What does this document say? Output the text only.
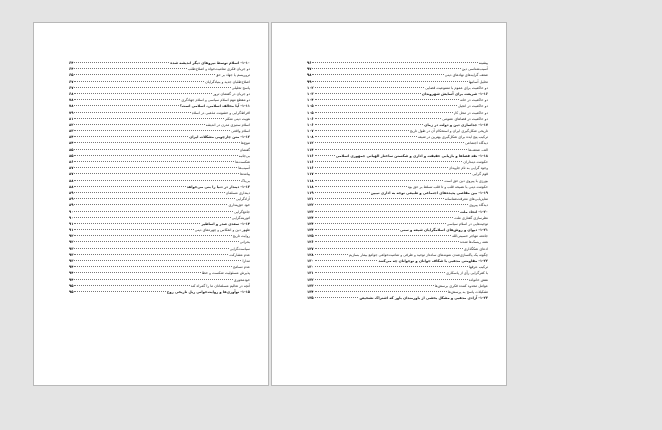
۱-۱۰- اسلام توسط نیروهای دیگر اندیشه شده
۶۴
دو جریان فکری تمامیت‌خواه و اصلاح‌طلب
۶۴
تروریسم یا جهاد بر حق
۶۵
اصلاح‌طلبان جدید و بنیادگرایان
۶۷
پاسخ تحلیلی
۶۷
دو جریان در گفتمان ترور
۶۸
دو مقطع مهم اسلام سیاسی و اسلام جهادگری
۷۸
۱-۱۱- آیا مخالف اسلامی، اسلامی است؟
۷۸
افراط‌گرایی و خشونت مذهبی در اسلام
۷۹
هویت دینی متکثر
۸۱
اسلام ستیزی مدرن در اندیشه
۸۲
اسلام واقعی
۸۳
۱-۱۲- متن چارچوبی مشکلات ایران
۸۴
تنوع‌ها
۸۴
گفتمان
۸۵
بی‌جانبه
۸۵
شکست‌ها
۸۶
آسیب‌ها
۸۷
پیامدها
۸۷
بی‌باک
۸۸
۱-۱۳- دیندار در دنیا را بنی می‌خواهد
۸۸
دینداری مسلمان
۸۹
آزادگرایی
۸۹
خود حق‌پنداری
۸۹
جامع‌گرایی
۹۰
اتوریته‌گرایی
۹۰
۱-۱۴- سعدی صدر و اساطیر
۹۱
ظهور دین و انعکاس و چهره‌های دینی
۹۱
روایت تاریخ
۹۲
بحرانی
۹۲
سیاست‌گرایی
۹۳
عدم مشارکت
۹۳
مدارا
۹۳
عدم تسامح
۹۴
پذیرش مسئولیت شکست و خطا
۹۴
خودمحوری
۹۴
آنچه در تعالیم مسلمانان ما را گمراه کند
۹۵
۱-۱۵- نوآوری‌ها و روایت‌خوانی ریل تاریخی روح
۹۵
پیشینه
۹۶
آسیب‌شناسی دین
۹۷
ضعف گرایه‌های نهادهای دینی
۹۸
تحلیل آسانیها
۹۹
دو حاکمیت برای عموم با ممنوعیت قضایی
۱۰۲
۱-۱۶- شریعت برای آسایش شهروندان
۱۰۳
دو حاکمیت در خانه
۱۰۴
دو حاکمیت در انجیل
۱۰۵
دو حاکمیت در محل کار
۱۰۵
دو حاکمیت در فضاهای عمومی
۱۰۶
۱-۱۷- جداسازی دین و دولت در زمان
۱۰۶
تاریخی شکل‌گیری ایران و استحکام آن در طول تاریخ
۱۰۷
ترکیب پنج ایده برای شکل‌گیری بهترین در شیعه
۱۰۸
دیدگاه اجتماعی
۱۱۲
الف. ضعف‌ها
۱۱۴
۱-۱۸- نقد فضاها و بازیابی حقیقت و اداری و شکستن ساختار الهیاتی جمهوری اسلامی
۱۱۶
حکومت دینداران
۱۱۶
وجود گرایی به نام جاویدان
۱۱۶
قوم گرایی
۱۱۷
بورزی با پیروی دین حق است
۱۱۸
حکومت دینی با نصیحه قلب و تا قلب تسلط بر حق بود
۱۱۸
۱-۱۹- بین مقاصی پدیده‌های اجتماعی و طبیعی توجه به اداری تبیین
۱۱۹
تمایزیابی‌های معرفت‌شناسانه
۱۲۱
دیدگاه پیروی
۱۲۲
۱-۲۰- اتحاد ملت
۱۲۳
نظرسازی گفتاری ملت
۱۲۴
توجیه‌هایی در اسلام سیاسی
۱۲۴
۱-۲۱- دیوان و روش‌های اسلامگرایان شیعه و سنی
۱۲۴
جامعه مهاجر حسینی‌الله
۱۲۵
همه ریسک‌ها شدند
۱۲۶
ادعای شکگذاری
۱۲۷
چگونه یک پاکسازی‌شدن نمونه‌های ساده‌از توحید و ظرفی و تمامیت‌خواهی جوامع بیمار بسازیم
۱۲۸
۱-۲۲- مقاومتی مذهبی با شکاف جوانان و نوجوانان چه می‌کنند
۱۳۰
ترکیب عرفها
۱۳۰
با کفرگرایی رأی از پاسکاری
۱۳۱
نقش خانواده
۱۳۲
عوامل محدود کننده فکری برسش‌ها
۱۳۳
تشکیلات پاسخ به پرسش‌ها
۱۳۴
۱-۲۳- آزادی مذهبی و مشکل بخشی از باورمندان باور که اشتراک تشخیص
۱۳۵
